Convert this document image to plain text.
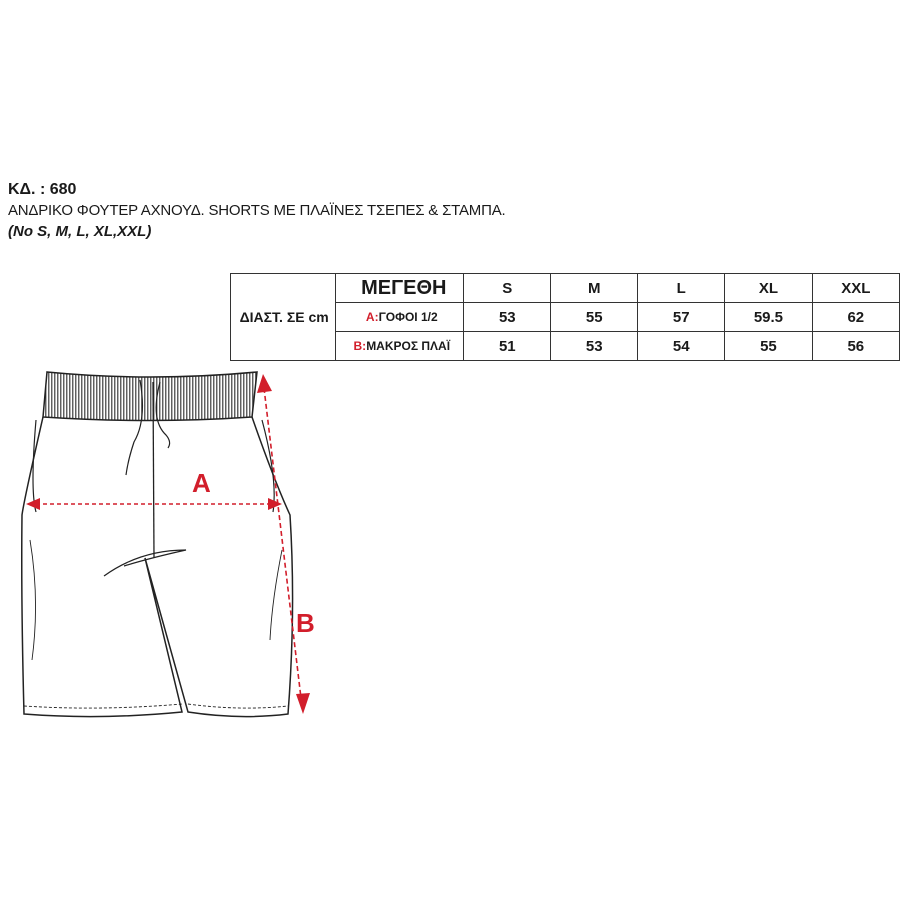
ΚΔ. : 680
ΑΝΔΡΙΚΟ ΦΟΥΤΕΡ ΑΧΝΟΥΔ. SHORTS ΜΕ ΠΛΑΪΝΕΣ ΤΣΕΠΕΣ & ΣΤΑΜΠΑ.
(No S, M, L, XL,XXL)
ΔΙΑΣΤ. ΣΕ cm	ΜΕΓΕΘΗ	S	M	L	XL	XXL
	A:ΓΟΦΟΙ 1/2	53	55	57	59.5	62
	B:ΜΑΚΡΟΣ ΠΛΑΪ	51	53	54	55	56
A
B
